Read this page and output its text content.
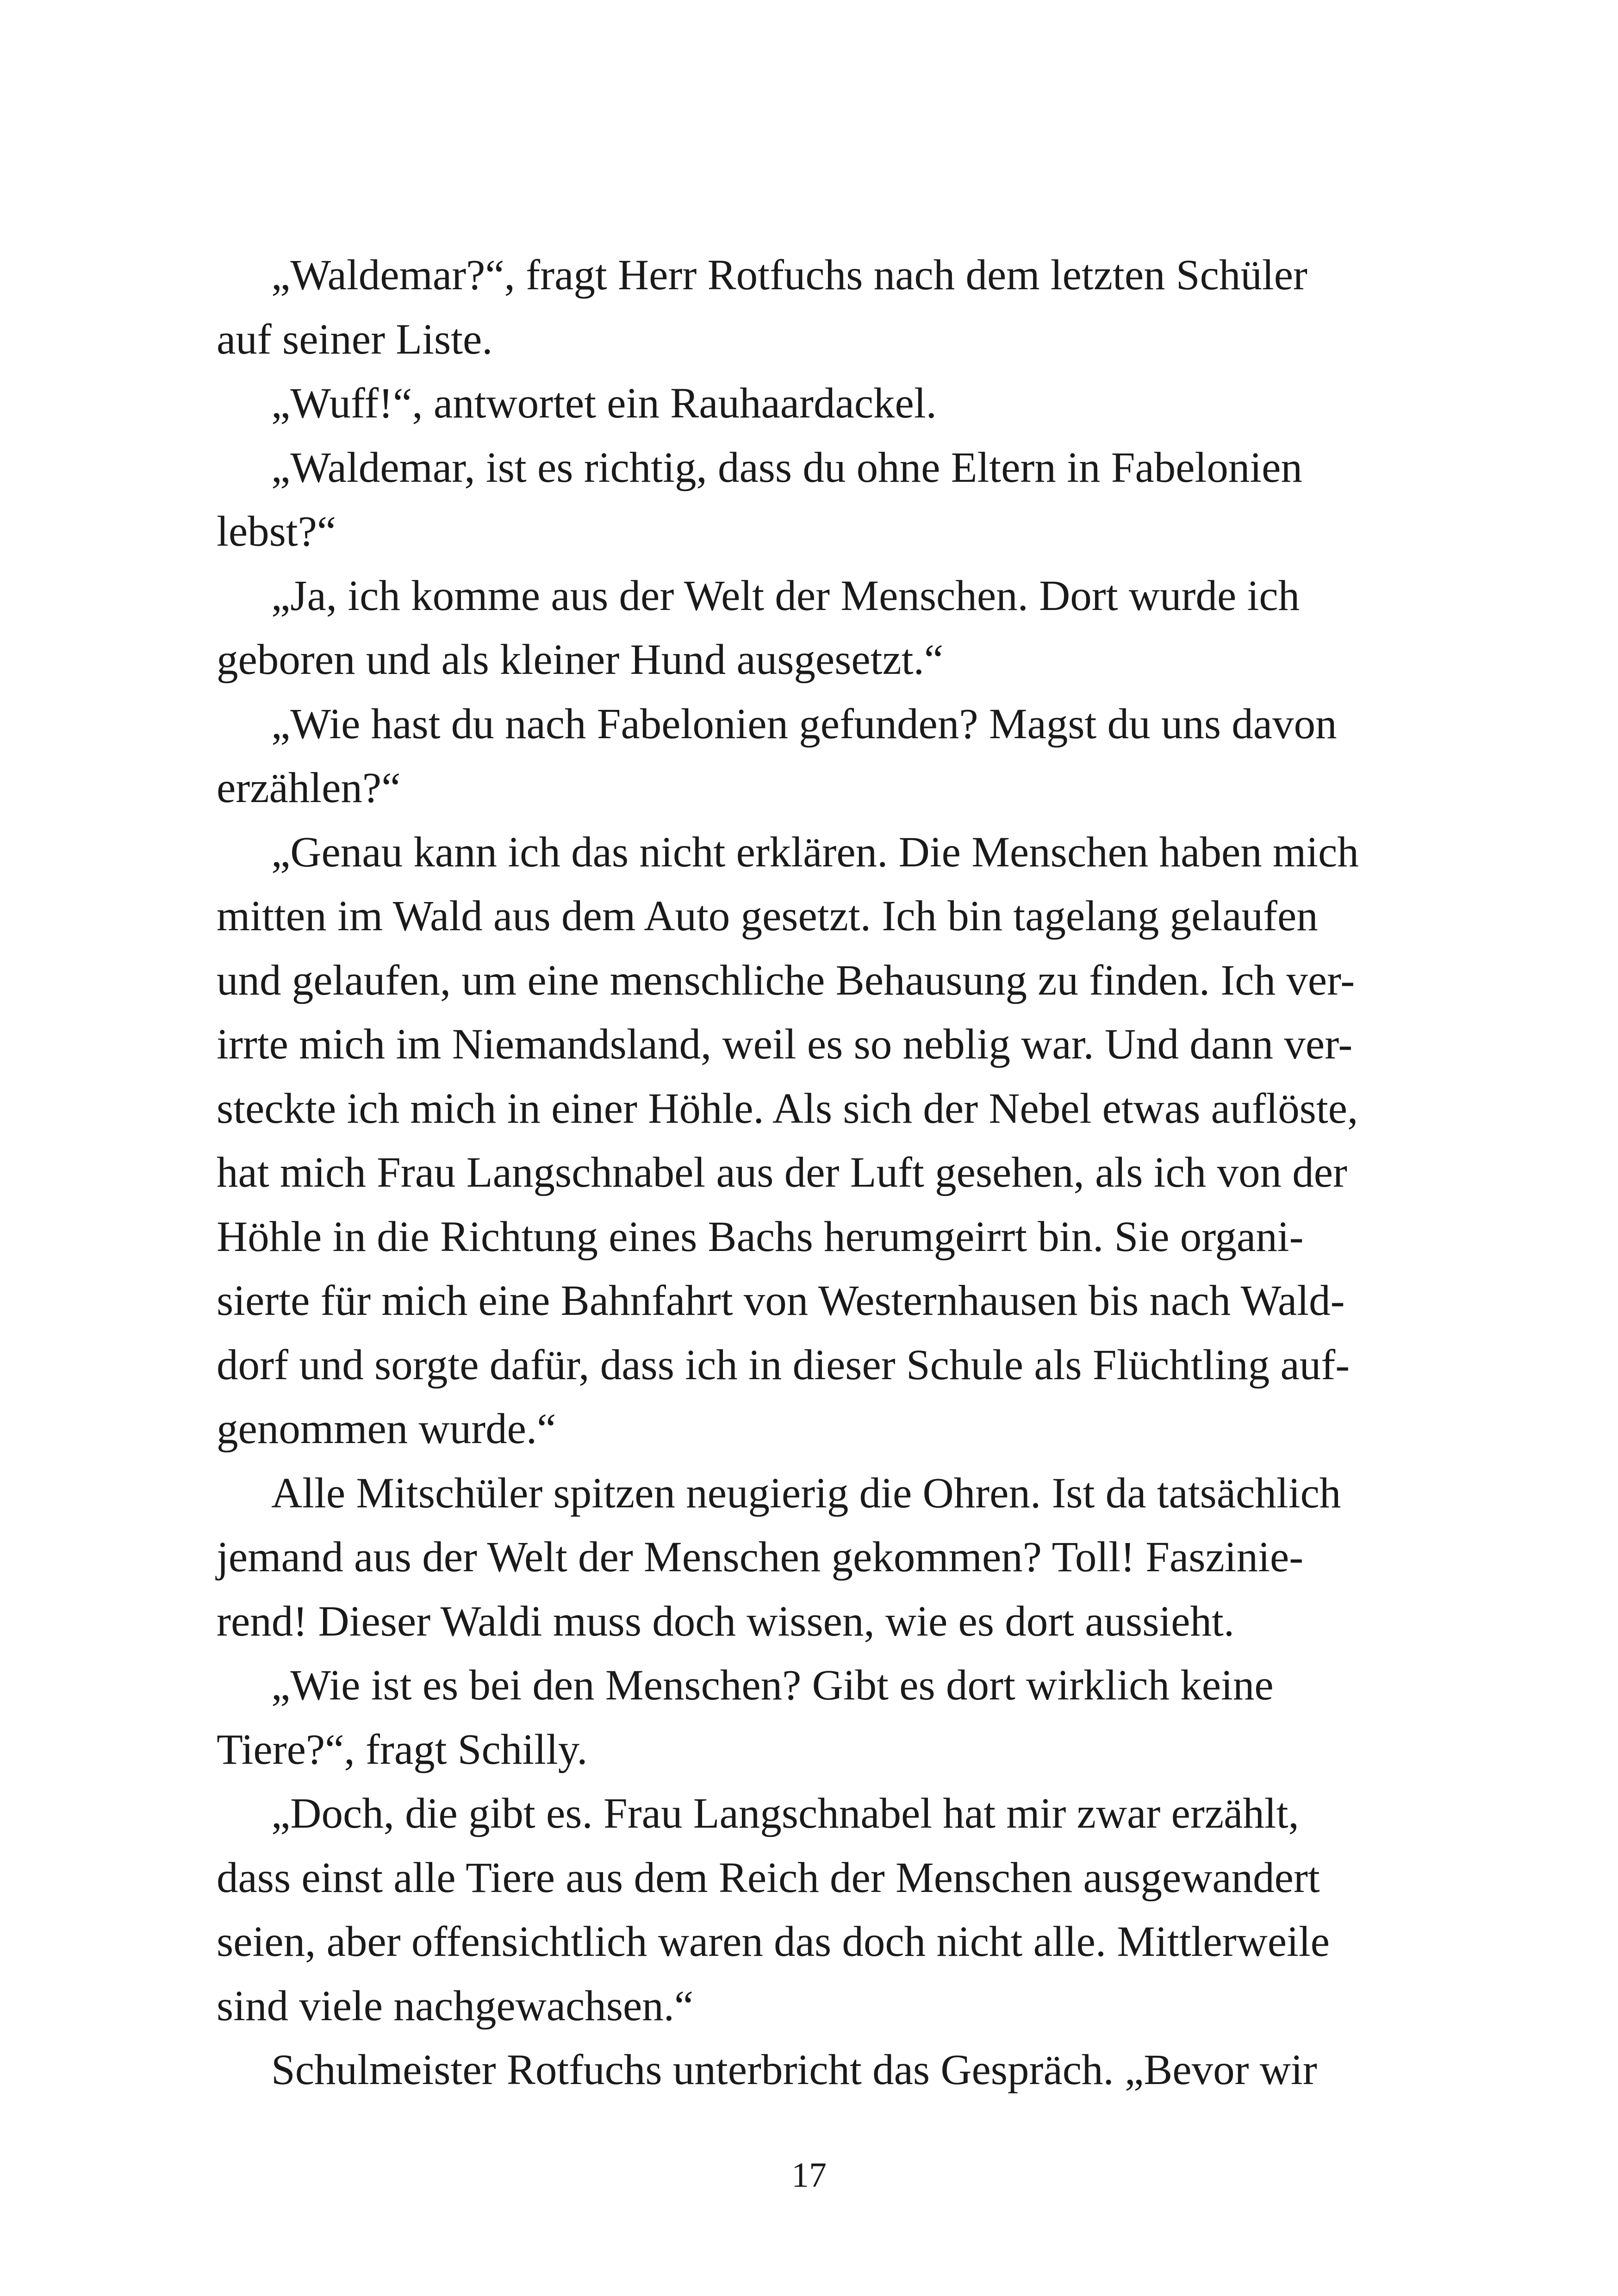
„Waldemar?“, fragt Herr Rotfuchs nach dem letzten Schüler
auf seiner Liste.
„Wuff!“, antwortet ein Rauhaardackel.
„Waldemar, ist es richtig, dass du ohne Eltern in Fabelonien
lebst?“
„Ja, ich komme aus der Welt der Menschen. Dort wurde ich
geboren und als kleiner Hund ausgesetzt.“
„Wie hast du nach Fabelonien gefunden? Magst du uns davon
erzählen?“
„Genau kann ich das nicht erklären. Die Menschen haben mich
mitten im Wald aus dem Auto gesetzt. Ich bin tagelang gelaufen
und gelaufen, um eine menschliche Behausung zu finden. Ich ver-
irrte mich im Niemandsland, weil es so neblig war. Und dann ver-
steckte ich mich in einer Höhle. Als sich der Nebel etwas auflöste,
hat mich Frau Langschnabel aus der Luft gesehen, als ich von der
Höhle in die Richtung eines Bachs herumgeirrt bin. Sie organi-
sierte für mich eine Bahnfahrt von Westernhausen bis nach Wald-
dorf und sorgte dafür, dass ich in dieser Schule als Flüchtling auf-
genommen wurde.“
Alle Mitschüler spitzen neugierig die Ohren. Ist da tatsächlich
jemand aus der Welt der Menschen gekommen? Toll! Faszinie-
rend! Dieser Waldi muss doch wissen, wie es dort aussieht.
„Wie ist es bei den Menschen? Gibt es dort wirklich keine
Tiere?“, fragt Schilly.
„Doch, die gibt es. Frau Langschnabel hat mir zwar erzählt,
dass einst alle Tiere aus dem Reich der Menschen ausgewandert
seien, aber offensichtlich waren das doch nicht alle. Mittlerweile
sind viele nachgewachsen.“
Schulmeister Rotfuchs unterbricht das Gespräch. „Bevor wir
17
